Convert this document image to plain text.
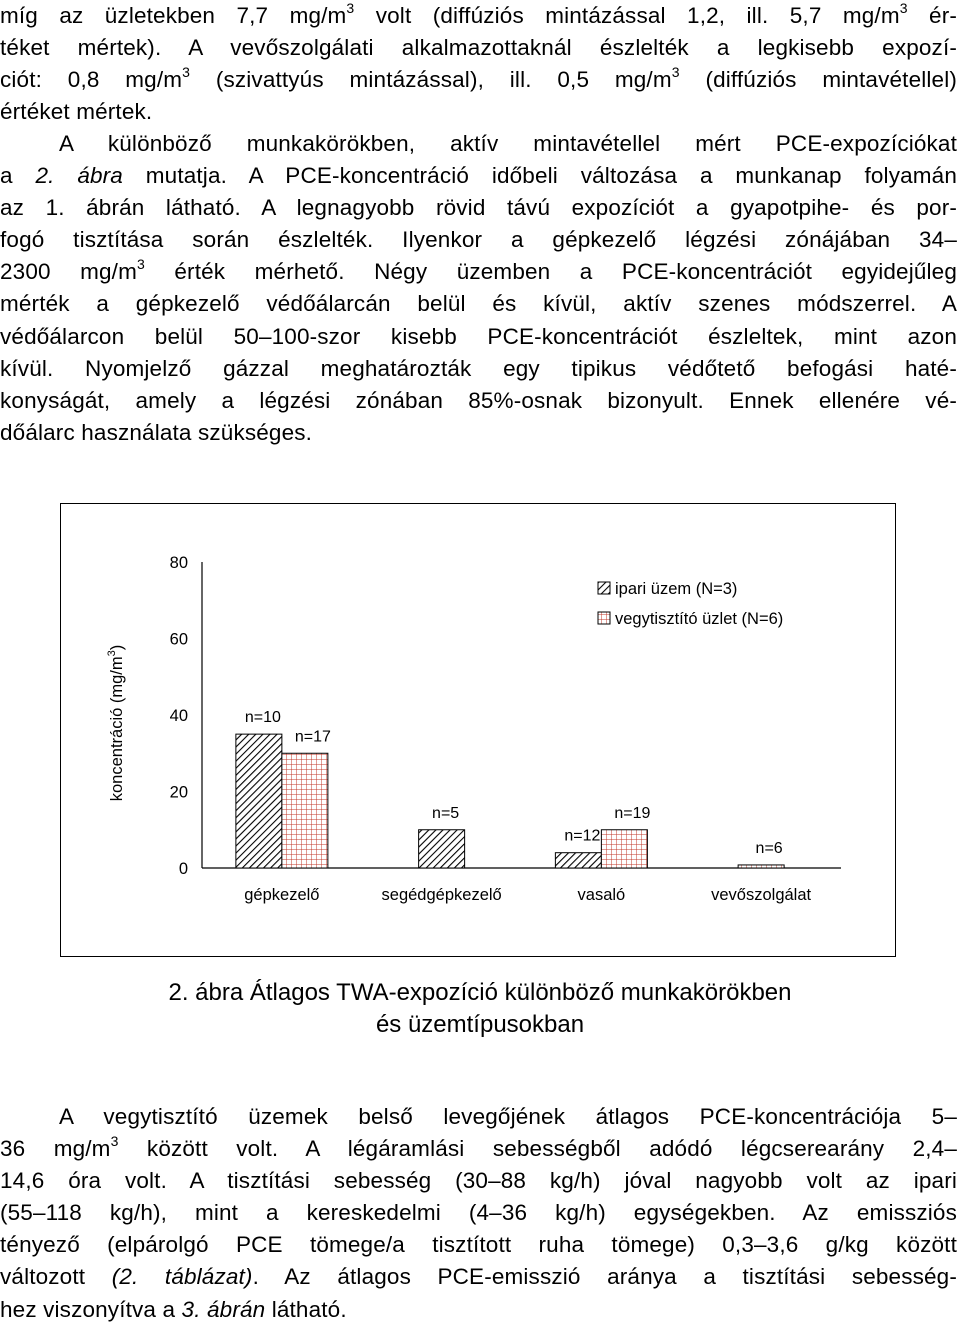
míg az üzletekben 7,7 $mg/m^3$ volt (diffúziós mintázással 1,2, ill. 5,7 $mg/m^3$ ér-
téket mértek). A vevőszolgálati alkalmazottaknál észlelték a legkisebb expozí-
ciót: 0,8 $mg/m^3$ (szivattyús mintázással), ill. 0,5 $mg/m^3$ (diffúziós mintavétellel)
értéket mértek.
A különböző munkakörökben, aktív mintavétellel mért PCE-expozíciókat
a 2. ábra mutatja. A PCE-koncentráció időbeli változása a munkanap folyamán
az 1. ábrán látható. A legnagyobb rövid távú expozíciót a gyapotpihe- és por-
fogó tisztítása során észlelték. Ilyenkor a gépkezelő légzési zónájában 34–
2300 $mg/m^3$ érték mérhető. Négy üzemben a PCE-koncentrációt egyidejűleg
mérték a gépkezelő védőálarcán belül és kívül, aktív szenes módszerrel. A
védőálarcon belül 50–100-szor kisebb PCE-koncentrációt észleltek, mint azon
kívül. Nyomjelző gázzal meghatározták egy tipikus védőtető befogási haté-
konyságát, amely a légzési zónában 85%-osnak bizonyult. Ennek ellenére vé-
dőálarc használata szükséges.
0
20
40
60
80
koncentráció $(mg/m^3)$
gépkezelő
n=10
n=17
segédgépkezelő
n=5
vasaló
n=12
n=19
vevőszolgálat
n=6
ipari üzem (N=3)
vegytisztító üzlet (N=6)
2. ábra Átlagos TWA-expozíció különböző munkakörökben
és üzemtípusokban
A vegytisztító üzemek belső levegőjének átlagos PCE-koncentrációja 5–
36 $mg/m^3$ között volt. A légáramlási sebességből adódó légcserearány 2,4–
14,6 óra volt. A tisztítási sebesség (30–88 kg/h) jóval nagyobb volt az ipari
(55–118 kg/h), mint a kereskedelmi (4–36 kg/h) egységekben. Az emissziós
tényező (elpárolgó PCE tömege/a tisztított ruha tömege) 0,3–3,6 g/kg között
változott (2. táblázat). Az átlagos PCE-emisszió aránya a tisztítási sebesség-
hez viszonyítva a 3. ábrán látható.
